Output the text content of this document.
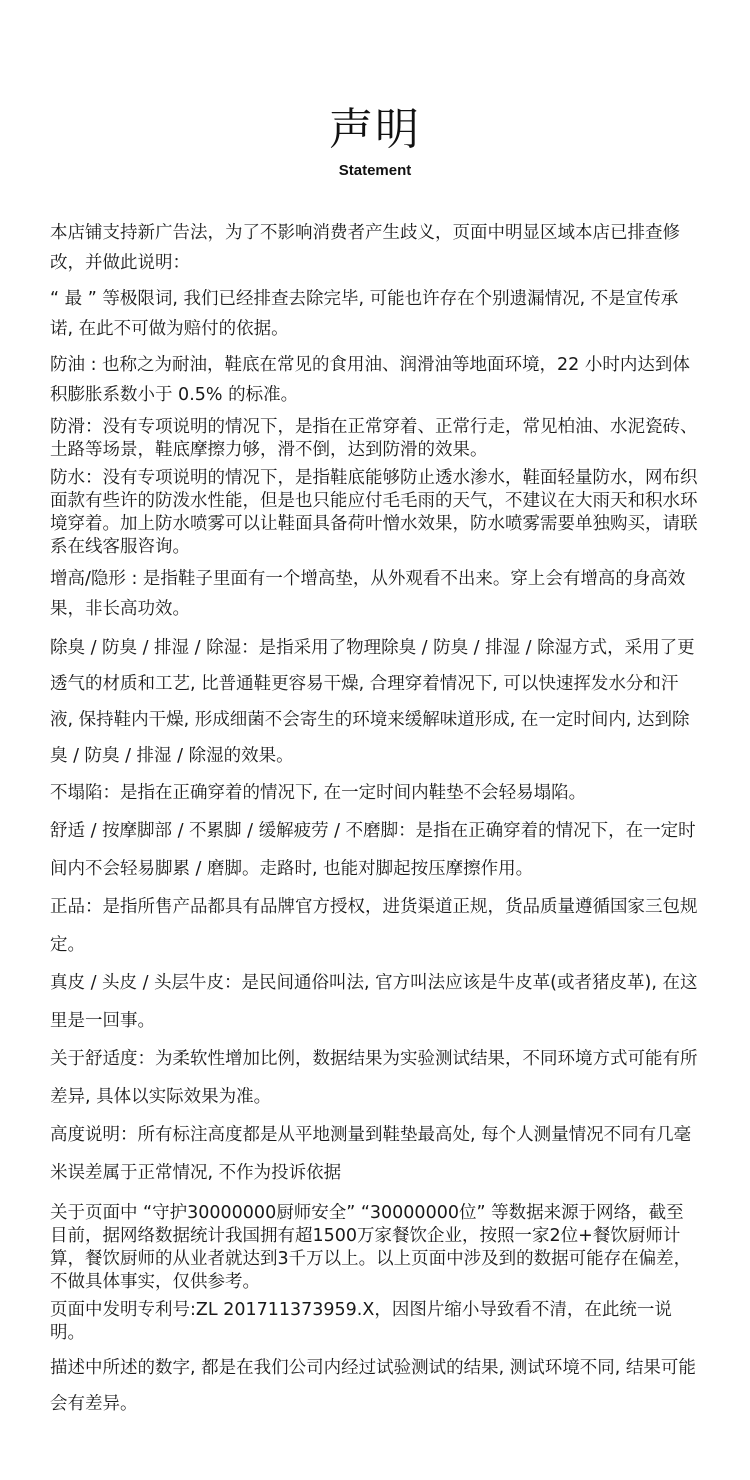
声明

Statement

本店铺支持新广告法，为了不影响消费者产生歧义，页面中明显区域本店已排查修改，并做此说明：

“ 最 ” 等极限词, 我们已经排查去除完毕, 可能也许存在个别遗漏情况, 不是宣传承诺, 在此不可做为赔付的依据。

防油 : 也称之为耐油，鞋底在常见的食用油、润滑油等地面环境，22 小时内达到体积膨胀系数小于 0.5% 的标准。

防滑：没有专项说明的情况下，是指在正常穿着、正常行走，常见柏油、水泥瓷砖、土路等场景，鞋底摩擦力够，滑不倒，达到防滑的效果。

防水：没有专项说明的情况下，是指鞋底能够防止透水渗水，鞋面轻量防水，网布织面款有些许的防泼水性能，但是也只能应付毛毛雨的天气，不建议在大雨天和积水环境穿着。加上防水喷雾可以让鞋面具备荷叶憎水效果，防水喷雾需要单独购买，请联系在线客服咨询。

增高/隐形 : 是指鞋子里面有一个增高垫，从外观看不出来。穿上会有增高的身高效果，非长高功效。

除臭 / 防臭 / 排湿 / 除湿：是指采用了物理除臭 / 防臭 / 排湿 / 除湿方式，采用了更透气的材质和工艺, 比普通鞋更容易干燥, 合理穿着情况下, 可以快速挥发水分和汗液, 保持鞋内干燥, 形成细菌不会寄生的环境来缓解味道形成, 在一定时间内, 达到除臭 / 防臭 / 排湿 / 除湿的效果。

不塌陷：是指在正确穿着的情况下, 在一定时间内鞋垫不会轻易塌陷。

舒适 / 按摩脚部 / 不累脚 / 缓解疲劳 / 不磨脚：是指在正确穿着的情况下，在一定时间内不会轻易脚累 / 磨脚。走路时, 也能对脚起按压摩擦作用。

正品：是指所售产品都具有品牌官方授权，进货渠道正规，货品质量遵循国家三包规定。

真皮 / 头皮 / 头层牛皮：是民间通俗叫法, 官方叫法应该是牛皮革(或者猪皮革), 在这里是一回事。

关于舒适度：为柔软性增加比例，数据结果为实验测试结果，不同环境方式可能有所差异, 具体以实际效果为准。

高度说明：所有标注高度都是从平地测量到鞋垫最高处, 每个人测量情况不同有几毫米误差属于正常情况, 不作为投诉依据

关于页面中 “守护30000000厨师安全” “30000000位” 等数据来源于网络，截至目前，据网络数据统计我国拥有超1500万家餐饮企业，按照一家2位+餐饮厨师计算，餐饮厨师的从业者就达到3千万以上。以上页面中涉及到的数据可能存在偏差，不做具体事实，仅供参考。

页面中发明专利号:ZL 201711373959.X，因图片缩小导致看不清，在此统一说明。

描述中所述的数字, 都是在我们公司内经过试验测试的结果, 测试环境不同, 结果可能会有差异。
